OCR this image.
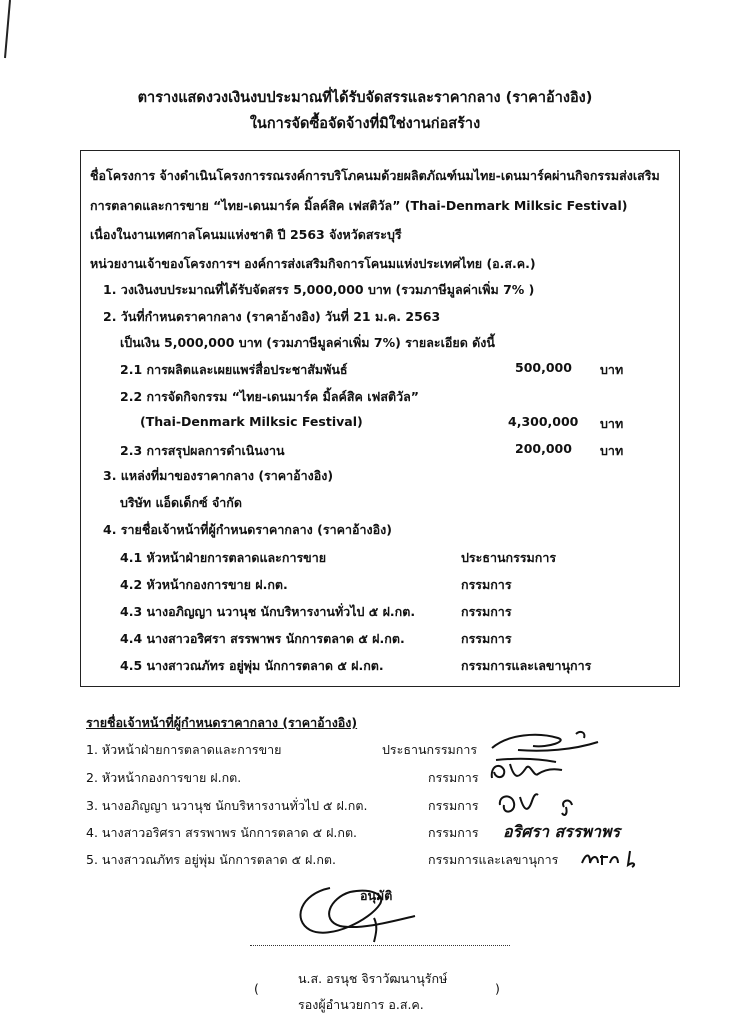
ตารางแสดงวงเงินงบประมาณที่ได้รับจัดสรรและราคากลาง (ราคาอ้างอิง)
ในการจัดซื้อจัดจ้างที่มิใช่งานก่อสร้าง
ชื่อโครงการ จ้างดำเนินโครงการรณรงค์การบริโภคนมด้วยผลิตภัณฑ์นมไทย-เดนมาร์คผ่านกิจกรรมส่งเสริม
การตลาดและการขาย “ไทย-เดนมาร์ค มิ้ลค์สิค เฟสติวัล” (Thai-Denmark Milksic Festival)
เนื่องในงานเทศกาลโคนมแห่งชาติ ปี 2563 จังหวัดสระบุรี
หน่วยงานเจ้าของโครงการฯ องค์การส่งเสริมกิจการโคนมแห่งประเทศไทย (อ.ส.ค.)
1. วงเงินงบประมาณที่ได้รับจัดสรร 5,000,000 บาท (รวมภาษีมูลค่าเพิ่ม 7% )
2. วันที่กำหนดราคากลาง (ราคาอ้างอิง) วันที่ 21 ม.ค. 2563
เป็นเงิน 5,000,000 บาท (รวมภาษีมูลค่าเพิ่ม 7%) รายละเอียด ดังนี้
2.1 การผลิตและเผยแพร่สื่อประชาสัมพันธ์	500,000 บาท
2.2 การจัดกิจกรรม “ไทย-เดนมาร์ค มิ้ลค์สิค เฟสติวัล”
(Thai-Denmark Milksic Festival)	4,300,000 บาท
2.3 การสรุปผลการดำเนินงาน	200,000 บาท
3. แหล่งที่มาของราคากลาง (ราคาอ้างอิง)
บริษัท แอ็ดเด็กซ์ จำกัด
4. รายชื่อเจ้าหน้าที่ผู้กำหนดราคากลาง (ราคาอ้างอิง)
4.1 หัวหน้าฝ่ายการตลาดและการขาย	ประธานกรรมการ
4.2 หัวหน้ากองการขาย ฝ.กต.	กรรมการ
4.3 นางอภิญญา นวานุช นักบริหารงานทั่วไป ๕ ฝ.กต.	กรรมการ
4.4 นางสาวอริศรา สรรพาพร นักการตลาด ๕ ฝ.กต.	กรรมการ
4.5 นางสาวณภัทร อยู่พุ่ม นักการตลาด ๕ ฝ.กต.	กรรมการและเลขานุการ
รายชื่อเจ้าหน้าที่ผู้กำหนดราคากลาง (ราคาอ้างอิง)
1. หัวหน้าฝ่ายการตลาดและการขาย	ประธานกรรมการ
2. หัวหน้ากองการขาย ฝ.กต.	กรรมการ
3. นางอภิญญา นวานุช นักบริหารงานทั่วไป ๕ ฝ.กต.	กรรมการ
4. นางสาวอริศรา สรรพาพร นักการตลาด ๕ ฝ.กต.	กรรมการ
5. นางสาวณภัทร อยู่พุ่ม นักการตลาด ๕ ฝ.กต.	กรรมการและเลขานุการ
อริศรา สรรพาพร
อนุมัติ
(
น.ส. อรนุช จิราวัฒนานุรักษ์
)
รองผู้อำนวยการ อ.ส.ค.
